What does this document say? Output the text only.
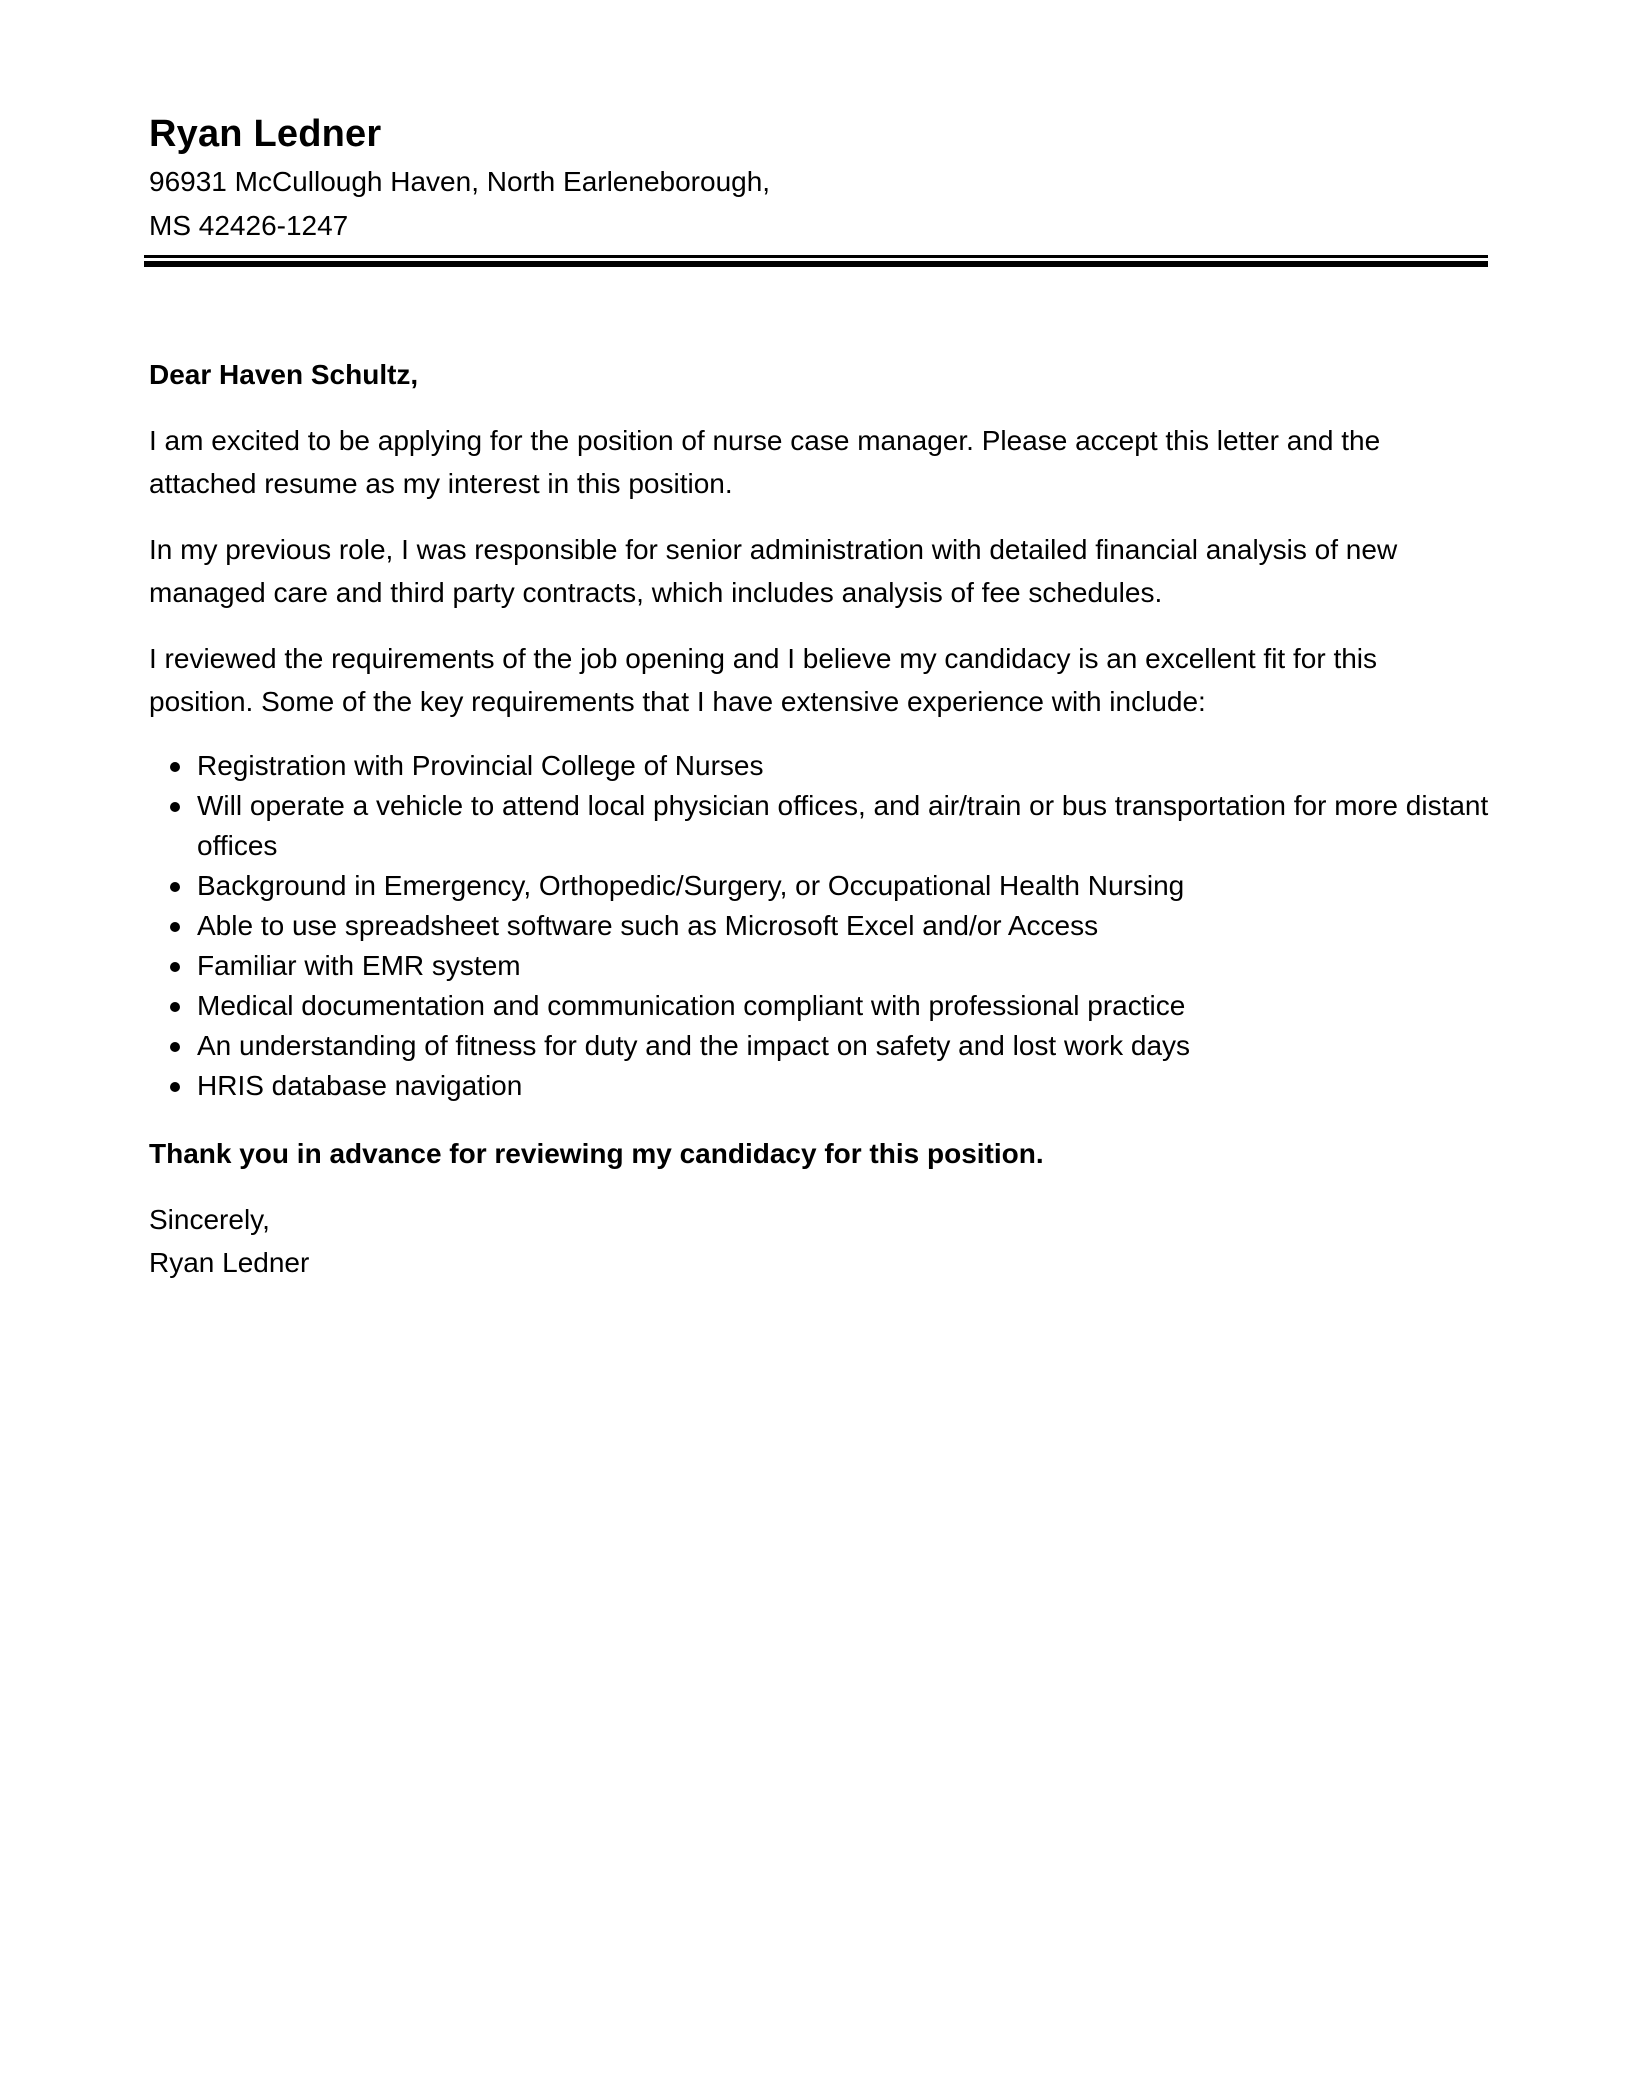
Ryan Ledner
96931 McCullough Haven, North Earleneborough,
MS 42426-1247

Dear Haven Schultz,

I am excited to be applying for the position of nurse case manager. Please accept this letter and the attached resume as my interest in this position.

In my previous role, I was responsible for senior administration with detailed financial analysis of new managed care and third party contracts, which includes analysis of fee schedules.

I reviewed the requirements of the job opening and I believe my candidacy is an excellent fit for this position. Some of the key requirements that I have extensive experience with include:

Registration with Provincial College of Nurses
Will operate a vehicle to attend local physician offices, and air/train or bus transportation for more distant offices
Background in Emergency, Orthopedic/Surgery, or Occupational Health Nursing
Able to use spreadsheet software such as Microsoft Excel and/or Access
Familiar with EMR system
Medical documentation and communication compliant with professional practice
An understanding of fitness for duty and the impact on safety and lost work days
HRIS database navigation

Thank you in advance for reviewing my candidacy for this position.

Sincerely,
Ryan Ledner
